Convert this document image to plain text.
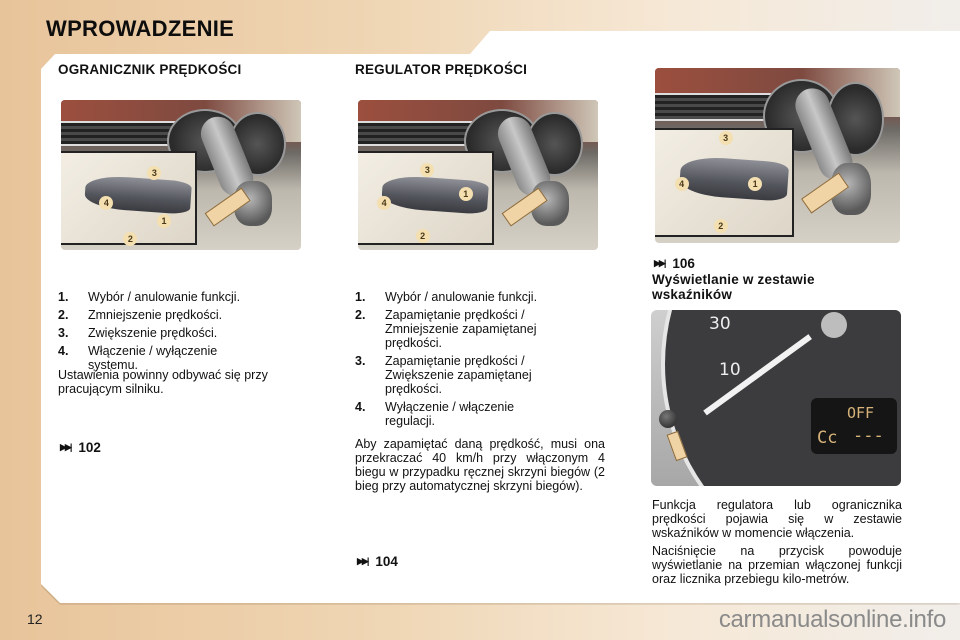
WPROWADZENIE
OGRANICZNIK PRĘDKOŚCI
3
4
1
2
1.	Wybór / anulowanie funkcji.
2.	Zmniejszenie prędkości.
3.	Zwiększenie prędkości.
4.	Włączenie / wyłączenie systemu.

Ustawienia powinny odbywać się przy pracującym silniku.

▶▶| 102
REGULATOR PRĘDKOŚCI
3
4
1
2
1.	Wybór / anulowanie funkcji.
2.	Zapamiętanie prędkości / Zmniejszenie zapamiętanej prędkości.
3.	Zapamiętanie prędkości / Zwiększenie zapamiętanej prędkości.
4.	Wyłączenie / włączenie regulacji.

Aby zapamiętać daną prędkość, musi ona przekraczać 40 km/h przy włączonym 4 biegu w przypadku ręcznej skrzyni biegów (2 bieg przy automatycznej skrzyni biegów).

▶▶| 104
3
4	1
2
▶▶| 106
Wyświetlanie w zestawie wskaźników
30
10
OFF
Cc ---

Funkcja regulatora lub ogranicznika prędkości pojawia się w zestawie wskaźników w momencie włączenia.

Naciśnięcie na przycisk powoduje wyświetlanie na przemian włączonej funkcji oraz licznika przebiegu kilo-metrów.

12	carmanualsonline.info
